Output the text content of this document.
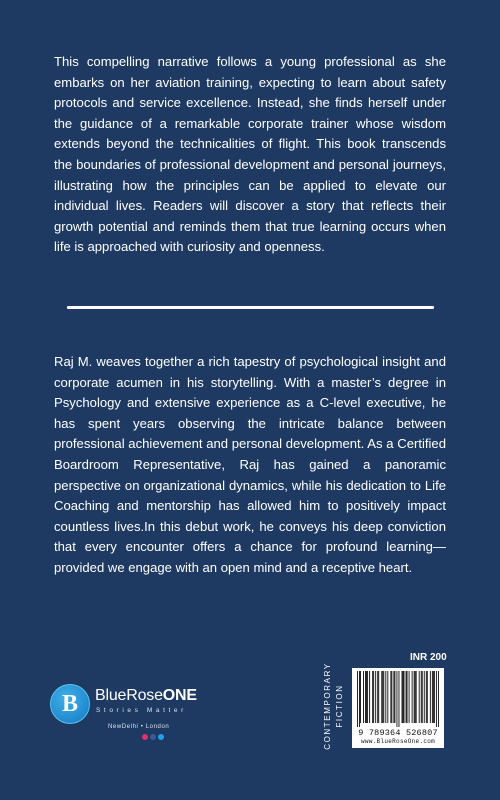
This compelling narrative follows a young professional as she embarks on her aviation training, expecting to learn about safety protocols and service excellence. Instead, she finds herself under the guidance of a remarkable corporate trainer whose wisdom extends beyond the technicalities of flight. This book transcends the boundaries of professional development and personal journeys, illustrating how the principles can be applied to elevate our individual lives. Readers will discover a story that reflects their growth potential and reminds them that true learning occurs when life is approached with curiosity and openness.

Raj M. weaves together a rich tapestry of psychological insight and corporate acumen in his storytelling. With a master’s degree in Psychology and extensive experience as a C-level executive, he has spent years observing the intricate balance between professional achievement and personal development. As a Certified Boardroom Representative, Raj has gained a panoramic perspective on organizational dynamics, while his dedication to Life Coaching and mentorship has allowed him to positively impact countless lives.In this debut work, he conveys his deep conviction that every encounter offers a chance for profound learning—provided we engage with an open mind and a receptive heart.

B	BlueRoseONE
Stories Matter
NewDelhi • London	CONTEMPORARY FICTION
INR 200
9 789364 526807
www.BlueRoseOne.com
